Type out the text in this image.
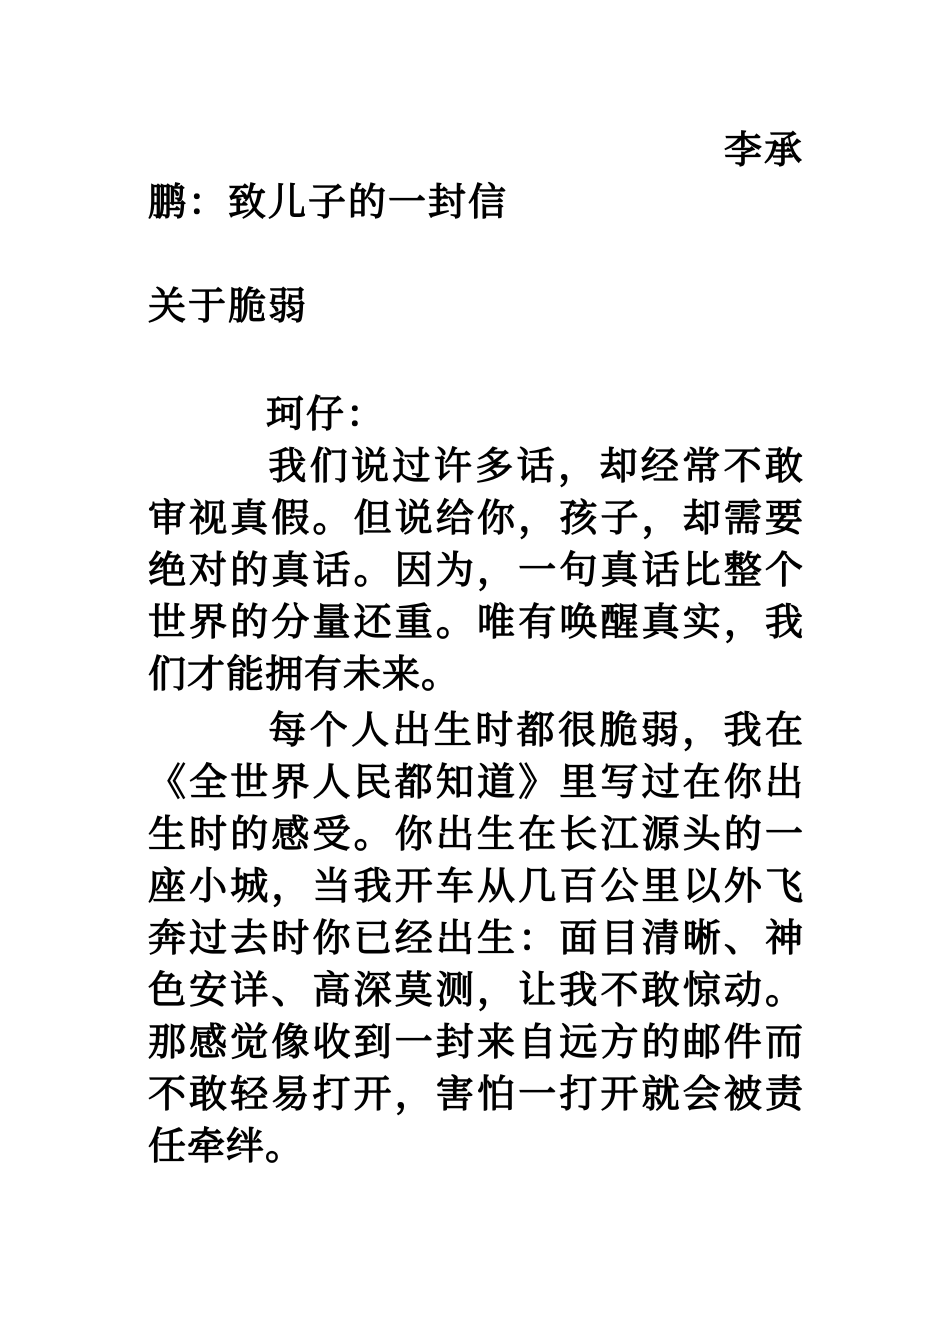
李承
鹏：致儿子的一封信
关于脆弱
珂仔：

我们说过许多话，却经常不敢审视真假。但说给你，孩子，却需要绝对的真话。因为，一句真话比整个世界的分量还重。唯有唤醒真实，我们才能拥有未来。

每个人出生时都很脆弱，我在《全世界人民都知道》里写过在你出生时的感受。你出生在长江源头的一座小城，当我开车从几百公里以外飞奔过去时你已经出生：面目清晰、神色安详、高深莫测，让我不敢惊动。那感觉像收到一封来自远方的邮件而不敢轻易打开，害怕一打开就会被责任牵绊。
